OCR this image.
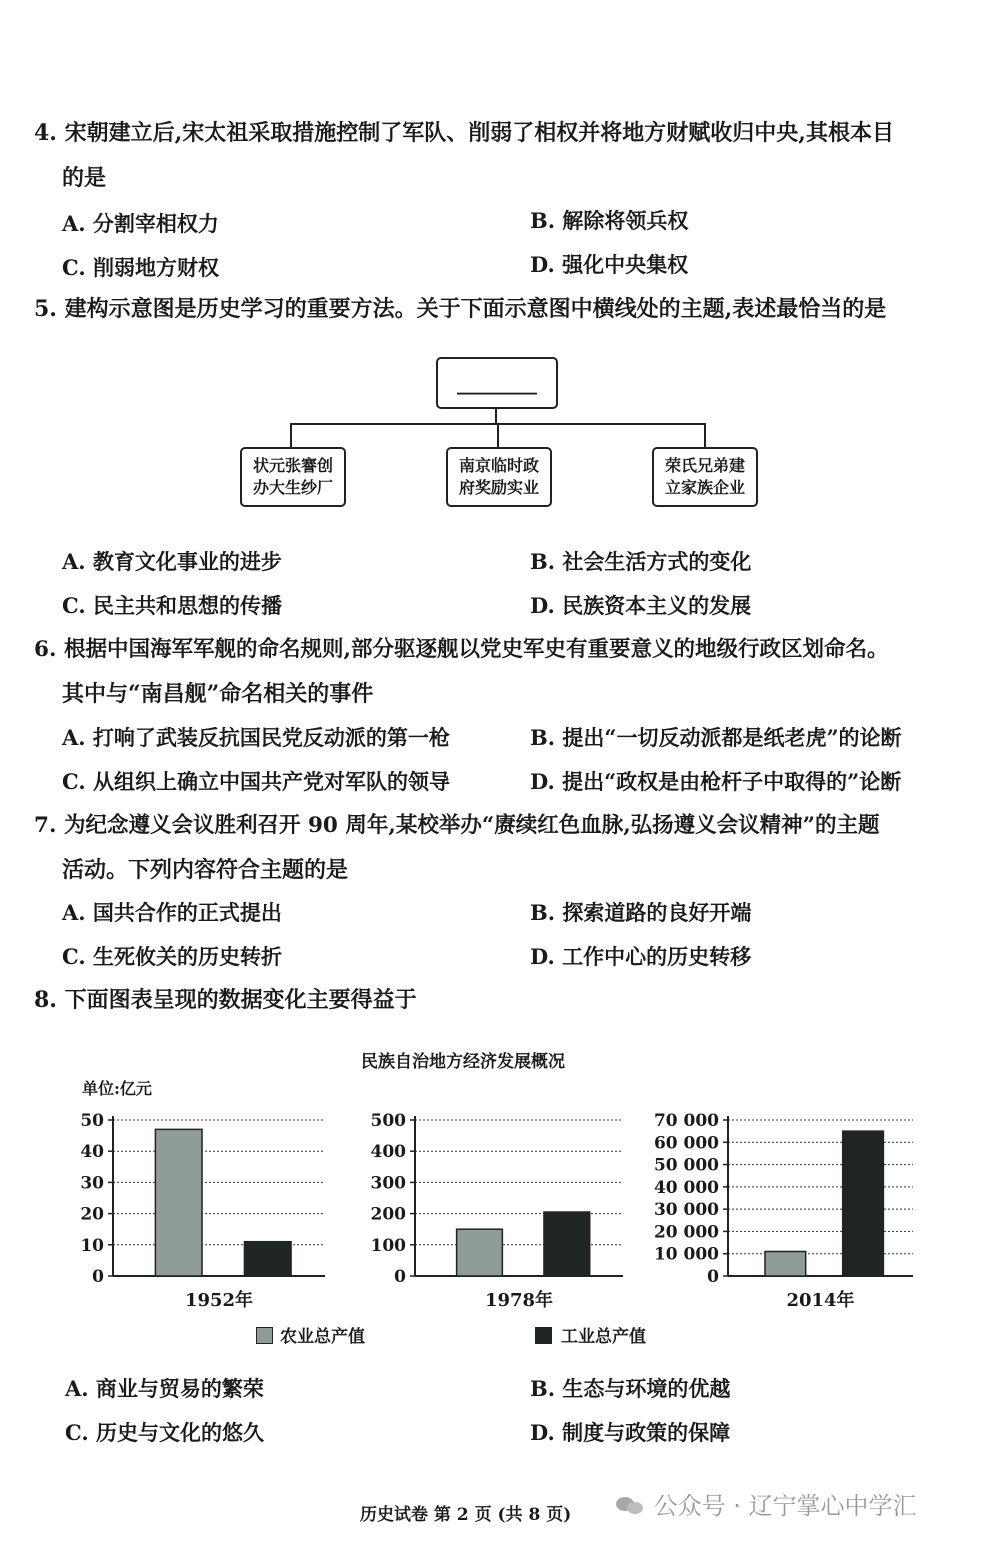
4. 宋朝建立后,宋太祖采取措施控制了军队、削弱了相权并将地方财赋收归中央,其根本目
的是
A. 分割宰相权力	B. 解除将领兵权
C. 削弱地方财权	D. 强化中央集权
5. 建构示意图是历史学习的重要方法。关于下面示意图中横线处的主题,表述最恰当的是
________
状元张謇创
办大生纱厂
南京临时政
府奖励实业
荣氏兄弟建
立家族企业
A. 教育文化事业的进步	B. 社会生活方式的变化
C. 民主共和思想的传播	D. 民族资本主义的发展
6. 根据中国海军军舰的命名规则,部分驱逐舰以党史军史有重要意义的地级行政区划命名。
其中与“南昌舰”命名相关的事件
A. 打响了武装反抗国民党反动派的第一枪	B. 提出“一切反动派都是纸老虎”的论断
C. 从组织上确立中国共产党对军队的领导	D. 提出“政权是由枪杆子中取得的”论断
7. 为纪念遵义会议胜利召开 90 周年,某校举办“赓续红色血脉,弘扬遵义会议精神”的主题
活动。下列内容符合主题的是
A. 国共合作的正式提出	B. 探索道路的良好开端
C. 生死攸关的历史转折	D. 工作中心的历史转移
8. 下面图表呈现的数据变化主要得益于
民族自治地方经济发展概况
单位:亿元
0
10
20
30
40
50
1952年
0
100
200
300
400
500
1978年
0
10 000
20 000
30 000
40 000
50 000
60 000
70 000
2014年
农业总产值	工业总产值
A. 商业与贸易的繁荣	B. 生态与环境的优越
C. 历史与文化的悠久	D. 制度与政策的保障
历史试卷 第 2 页 (共 8 页)	公众号 · 辽宁掌心中学汇
